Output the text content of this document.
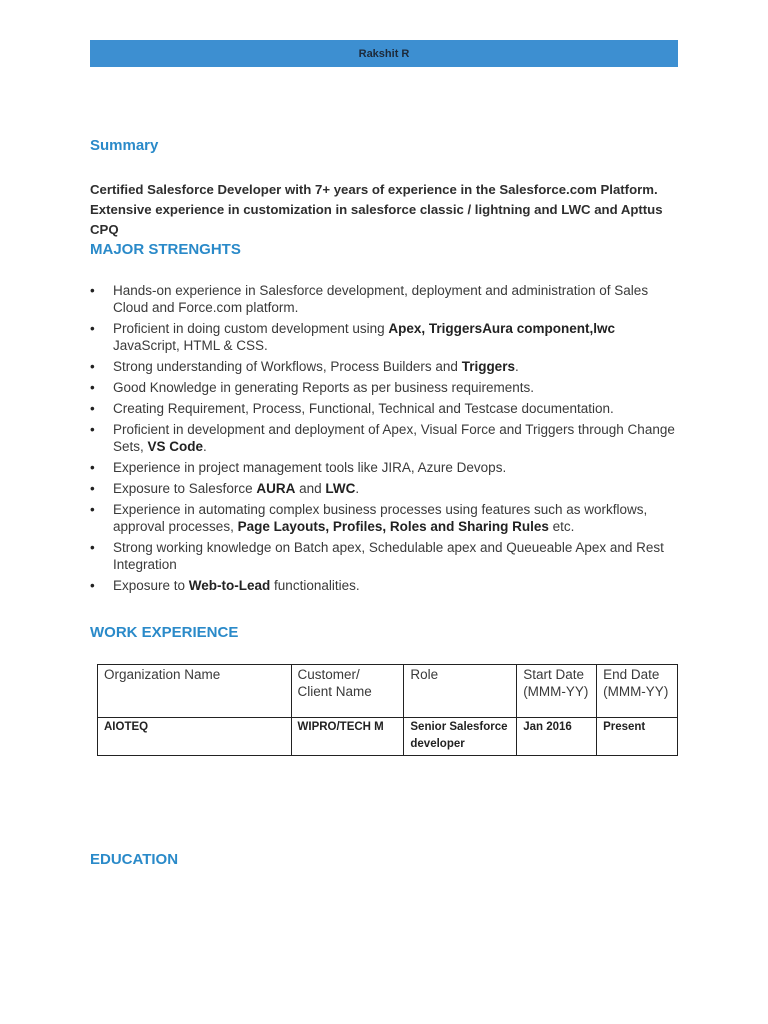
Rakshit R
Summary
Certified Salesforce Developer with 7+ years of experience in the Salesforce.com Platform.
Extensive experience in customization in salesforce classic / lightning and LWC and Apttus CPQ
MAJOR STRENGHTS
• Hands-on experience in Salesforce development, deployment and administration of Sales Cloud and Force.com platform.
• Proficient in doing custom development using Apex, TriggersAura component,lwc JavaScript, HTML & CSS.
• Strong understanding of Workflows, Process Builders and Triggers.
• Good Knowledge in generating Reports as per business requirements.
• Creating Requirement, Process, Functional, Technical and Testcase documentation.
• Proficient in development and deployment of Apex, Visual Force and Triggers through Change Sets, VS Code.
• Experience in project management tools like JIRA, Azure Devops.
• Exposure to Salesforce AURA and LWC.
• Experience in automating complex business processes using features such as workflows, approval processes, Page Layouts, Profiles, Roles and Sharing Rules etc.
• Strong working knowledge on Batch apex, Schedulable apex and Queueable Apex and Rest Integration
• Exposure to Web-to-Lead functionalities.
WORK EXPERIENCE
Organization Name	Customer/ Client Name	Role	Start Date (MMM-YY)	End Date (MMM-YY)
AIOTEQ	WIPRO/TECH M	Senior Salesforce developer	Jan 2016	Present
EDUCATION
